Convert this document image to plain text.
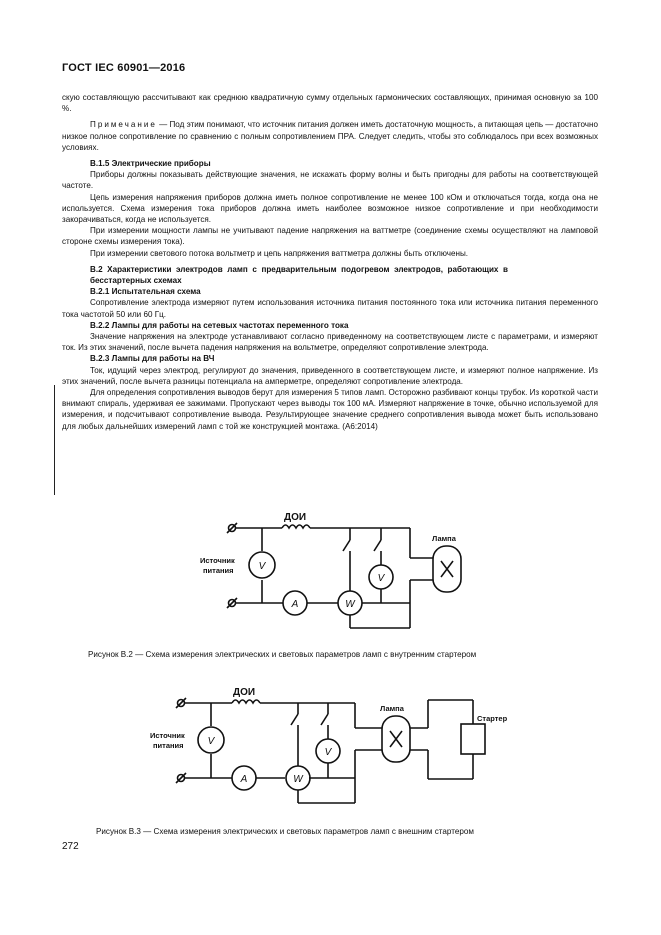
ГОСТ IEC 60901—2016

скую составляющую рассчитывают как среднюю квадратичную сумму отдельных гармонических составляющих, принимая основную за 100 %.

Примечание — Под этим понимают, что источник питания должен иметь достаточную мощность, а питающая цепь — достаточно низкое полное сопротивление по сравнению с полным сопротивлением ПРА. Следует следить, чтобы это соблюдалось при всех возможных условиях.

В.1.5 Электрические приборы

Приборы должны показывать действующие значения, не искажать форму волны и быть пригодны для работы на соответствующей частоте.

Цепь измерения напряжения приборов должна иметь полное сопротивление не менее 100 кОм и отключаться тогда, когда она не используется. Схема измерения тока приборов должна иметь наиболее возможное низкое сопротивление и при необходимости закорачиваться, когда не используется.

При измерении мощности лампы не учитывают падение напряжения на ваттметре (соединение схемы осуществляют на ламповой стороне схемы измерения тока).

При измерении светового потока вольтметр и цепь напряжения ваттметра должны быть отключены.

В.2 Характеристики электродов ламп с предварительным подогревом электродов, работающих в бесстартерных схемах

В.2.1 Испытательная схема

Сопротивление электрода измеряют путем использования источника питания постоянного тока или источника питания переменного тока частотой 50 или 60 Гц.

В.2.2 Лампы для работы на сетевых частотах переменного тока

Значение напряжения на электроде устанавливают согласно приведенному на соответствующем листе с параметрами, и измеряют ток. Из этих значений, после вычета падения напряжения на вольтметре, определяют сопротивление электрода.

В.2.3 Лампы для работы на ВЧ

Ток, идущий через электрод, регулируют до значения, приведенного в соответствующем листе, и измеряют полное напряжение. Из этих значений, после вычета разницы потенциала на амперметре, определяют сопротивление электрода.

Для определения сопротивления выводов берут для измерения 5 типов ламп. Осторожно разбивают концы трубок. Из короткой части внимают спираль, удерживая ее зажимами. Пропускают через выводы ток 100 мА. Измеряют напряжение в точке, обычно используемой для измерения, и подсчитывают сопротивление вывода. Результирующее значение среднего сопротивления вывода может быть использовано для любых дальнейших измерений ламп с той же конструкцией монтажа. (А6:2014)

V
A	W
V
ДОИ
Источник
питания
Лампа
Рисунок В.2 — Схема измерения электрических и световых параметров ламп с внутренним стартером
V
A	W
V
ДОИ
Источник
питания
Лампа
Стартер
Рисунок В.3 — Схема измерения электрических и световых параметров ламп с внешним стартером
272
